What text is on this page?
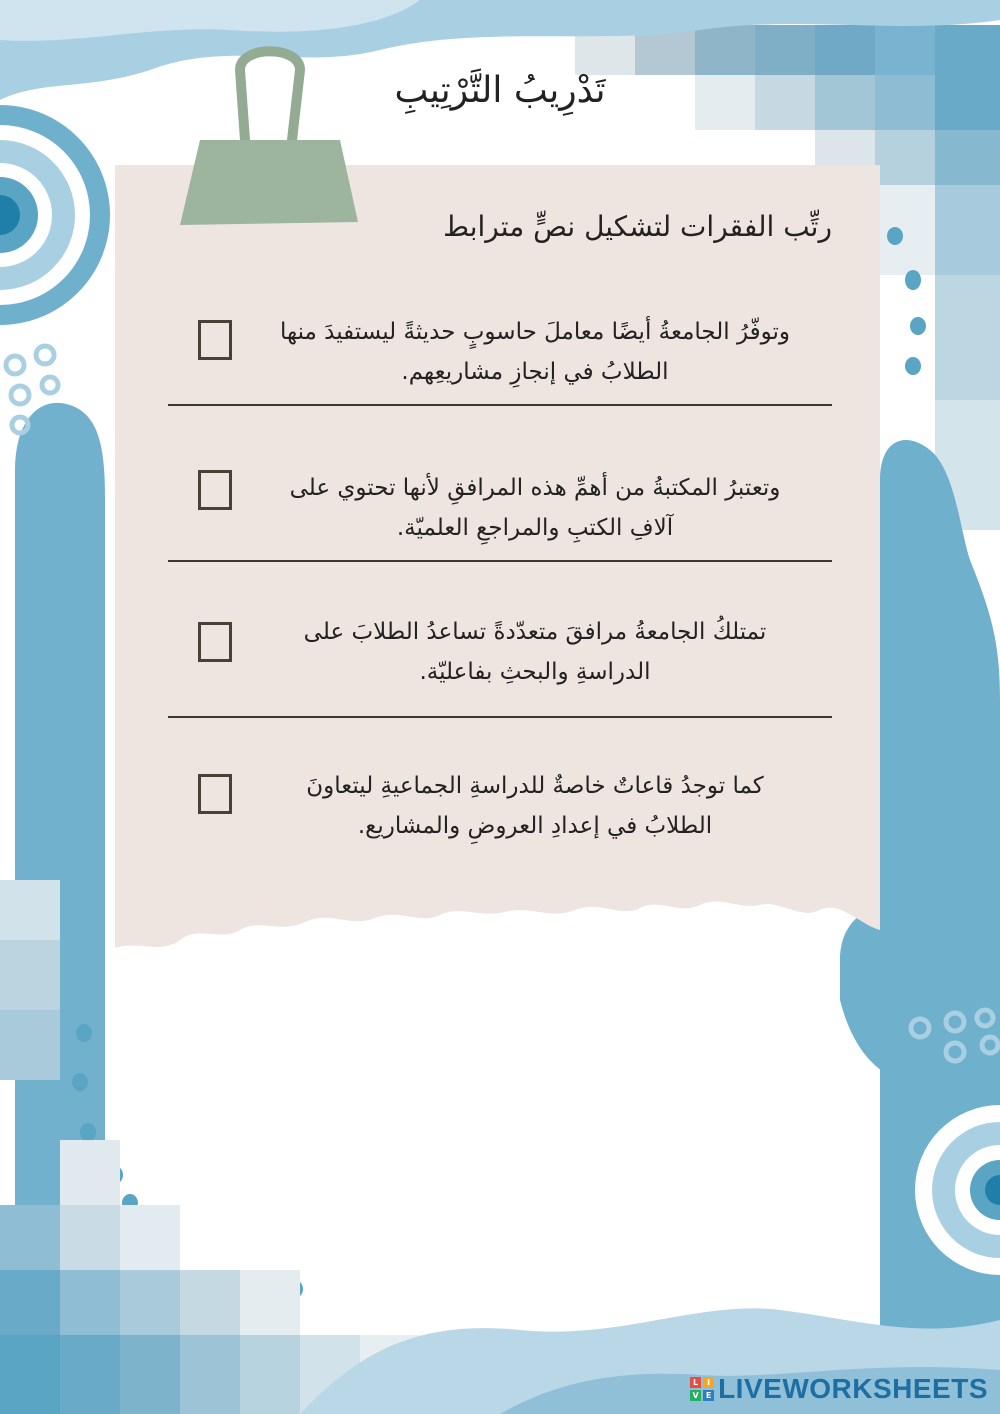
تَدْرِيبُ التَّرْتِيبِ
رتِّب الفقرات لتشكيل نصٍّ مترابط
وتوفّرُ الجامعةُ أيضًا معاملَ حاسوبٍ حديثةً ليستفيدَ منها
الطلابُ في إنجازِ مشاريعِهم.
وتعتبرُ المكتبةُ من أهمِّ هذه المرافقِ لأنها تحتوي على
آلافِ الكتبِ والمراجعِ العلميّة.
تمتلكُ الجامعةُ مرافقَ متعدّدةً تساعدُ الطلابَ على
الدراسةِ والبحثِ بفاعليّة.
كما توجدُ قاعاتٌ خاصةٌ للدراسةِ الجماعيةِ ليتعاونَ
الطلابُ في إعدادِ العروضِ والمشاريع.
L	I
V E LIVEWORKSHEETS
